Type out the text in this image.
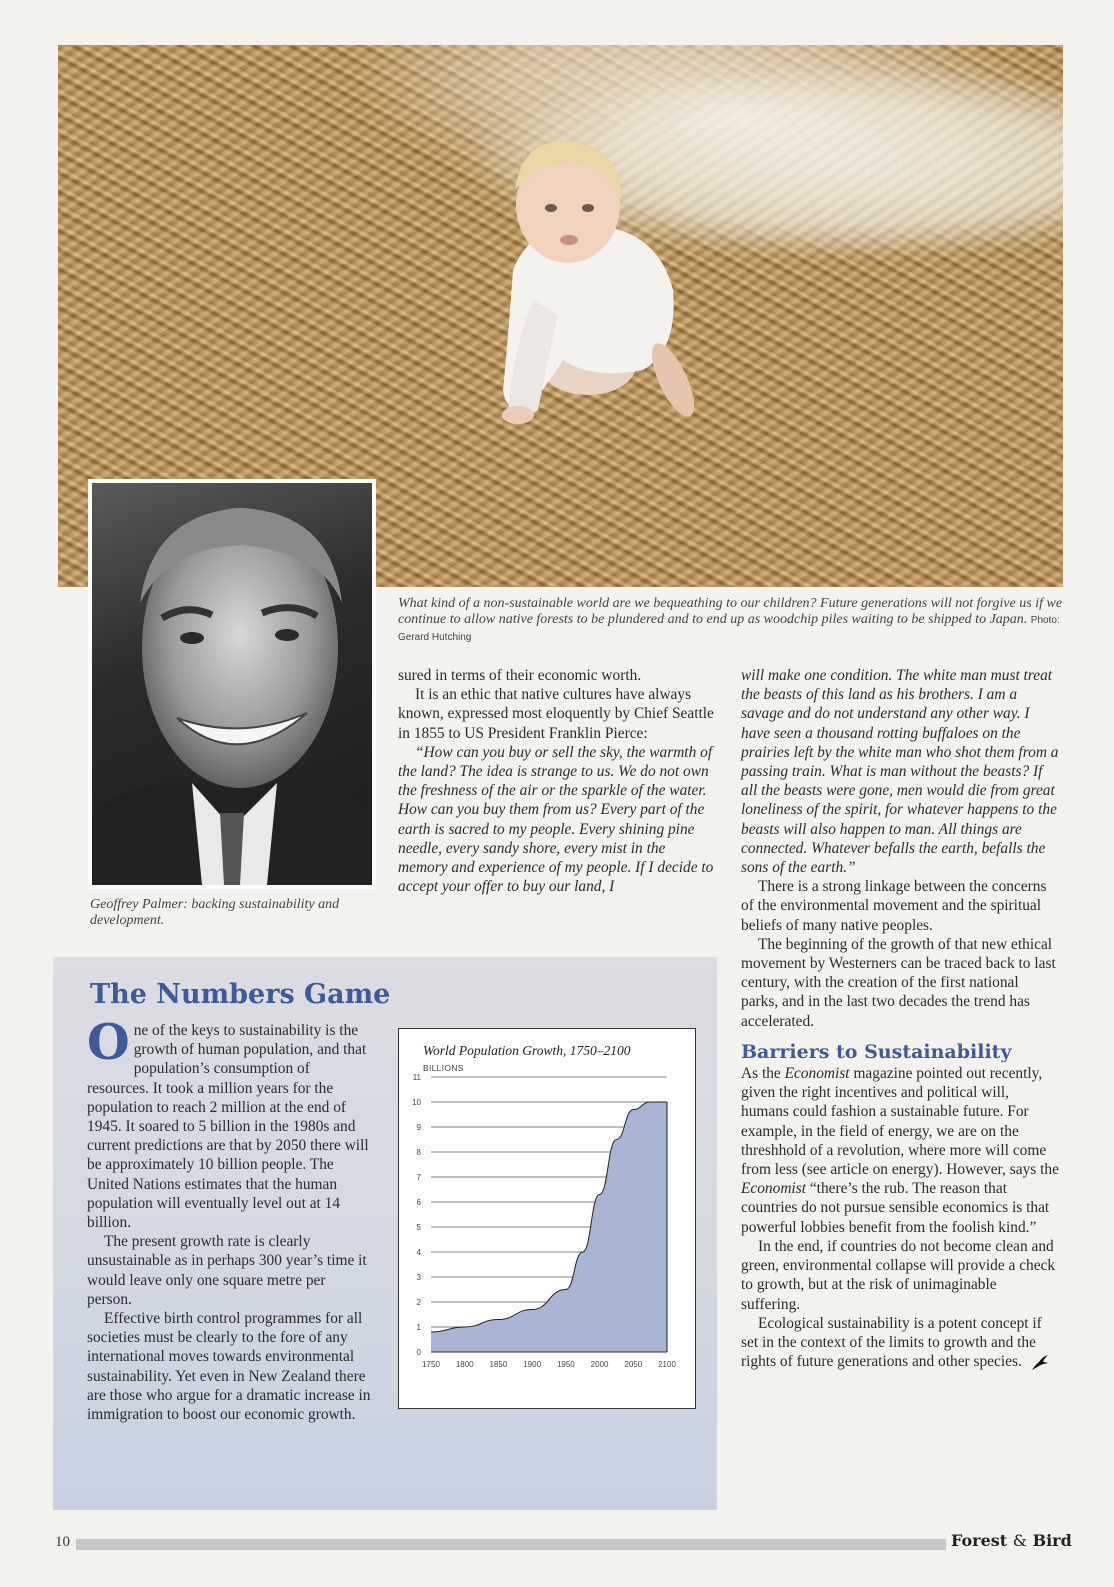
What kind of a non-sustainable world are we bequeathing to our children? Future generations will not forgive us if we continue to allow native forests to be plundered and to end up as woodchip piles waiting to be shipped to Japan. Photo: Gerard Hutching
Geoffrey Palmer: backing sustainability and development.

sured in terms of their economic worth.

It is an ethic that native cultures have always known, expressed most eloquently by Chief Seattle in 1855 to US President Franklin Pierce:

“How can you buy or sell the sky, the warmth of the land? The idea is strange to us. We do not own the freshness of the air or the sparkle of the water. How can you buy them from us? Every part of the earth is sacred to my people. Every shining pine needle, every sandy shore, every mist in the memory and experience of my people. If I decide to accept your offer to buy our land, I

will make one condition. The white man must treat the beasts of this land as his brothers. I am a savage and do not understand any other way. I have seen a thousand rotting buffaloes on the prairies left by the white man who shot them from a passing train. What is man without the beasts? If all the beasts were gone, men would die from great loneliness of the spirit, for whatever happens to the beasts will also happen to man. All things are connected. Whatever befalls the earth, befalls the sons of the earth.”

There is a strong linkage between the concerns of the environmental movement and the spiritual beliefs of many native peoples.

The beginning of the growth of that new ethical movement by Westerners can be traced back to last century, with the creation of the first national parks, and in the last two decades the trend has accelerated.

Barriers to Sustainability

As the Economist magazine pointed out recently, given the right incentives and political will, humans could fashion a sustainable future. For example, in the field of energy, we are on the threshhold of a revolution, where more will come from less (see article on energy). However, says the Economist “there’s the rub. The reason that countries do not pursue sensible economics is that powerful lobbies benefit from the foolish kind.”

In the end, if countries do not become clean and green, environmental collapse will provide a check to growth, but at the risk of unimaginable suffering.

Ecological sustainability is a potent concept if set in the context of the limits to growth and the rights of future generations and other species.

The Numbers Game

One of the keys to sustainability is the growth of human population, and that population’s consumption of resources. It took a million years for the population to reach 2 million at the end of 1945. It soared to 5 billion in the 1980s and current predictions are that by 2050 there will be approximately 10 billion people. The United Nations estimates that the human population will eventually level out at 14 billion.

The present growth rate is clearly unsustainable as in perhaps 300 year’s time it would leave only one square metre per person.

Effective birth control programmes for all societies must be clearly to the fore of any international moves towards environmental sustainability. Yet even in New Zealand there are those who argue for a dramatic increase in immigration to boost our economic growth.

World Population Growth, 1750–2100
BILLIONS
0
1
2
3
4
5
6
7
8
9
10
11
1750 1800 1850 1900 1950 2000 2050 2100
10	Forest & Bird
